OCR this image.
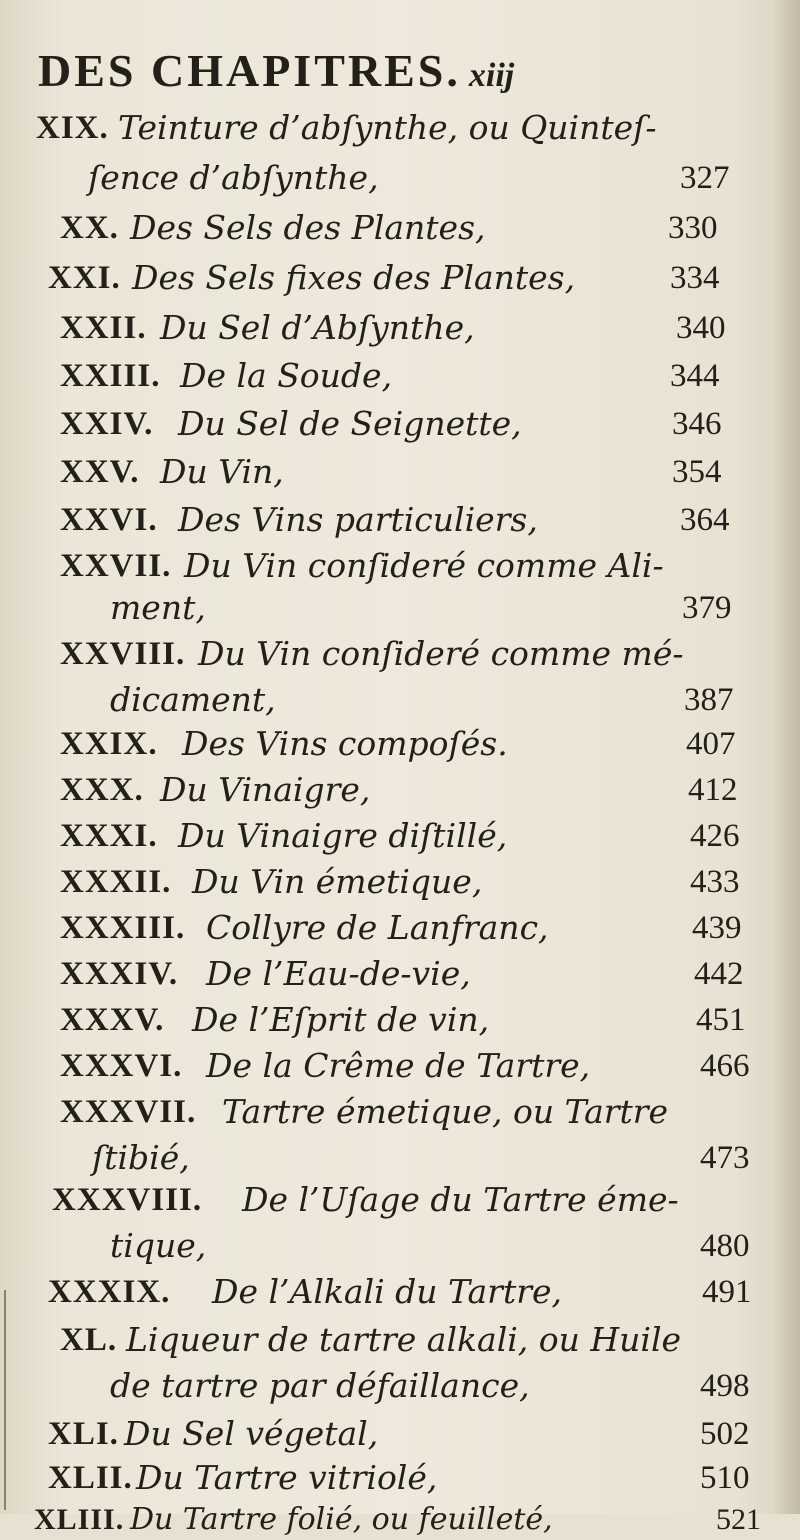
DES CHAPITRES. xiij
XIX. Teinture d’abſynthe, ou Quinteſ-
ſence d’abſynthe,	327
XX. Des Sels des Plantes,	330
XXI. Des Sels fixes des Plantes,	334
XXII. Du Sel d’Abſynthe,	340
XXIII. De la Soude,	344
XXIV. Du Sel de Seignette,	346
XXV. Du Vin,	354
XXVI. Des Vins particuliers,	364
XXVII. Du Vin conſideré comme Ali-
ment,	379
XXVIII. Du Vin conſideré comme mé-
dicament,	387
XXIX. Des Vins compoſés.	407
XXX. Du Vinaigre,	412
XXXI. Du Vinaigre diſtillé,	426
XXXII. Du Vin émetique,	433
XXXIII. Collyre de Lanfranc,	439
XXXIV. De l’Eau-de-vie,	442
XXXV. De l’Eſprit de vin,	451
XXXVI. De la Crême de Tartre,	466
XXXVII. Tartre émetique, ou Tartre
ſtibié,	473
XXXVIII. De l’Uſage du Tartre éme-
tique,	480
XXXIX. De l’Alkali du Tartre,	491
XL. Liqueur de tartre alkali, ou Huile
de tartre par défaillance,	498
XLI. Du Sel végetal,	502
XLII. Du Tartre vitriolé,	510
XLIII. Du Tartre folié, ou feuilleté,	521
